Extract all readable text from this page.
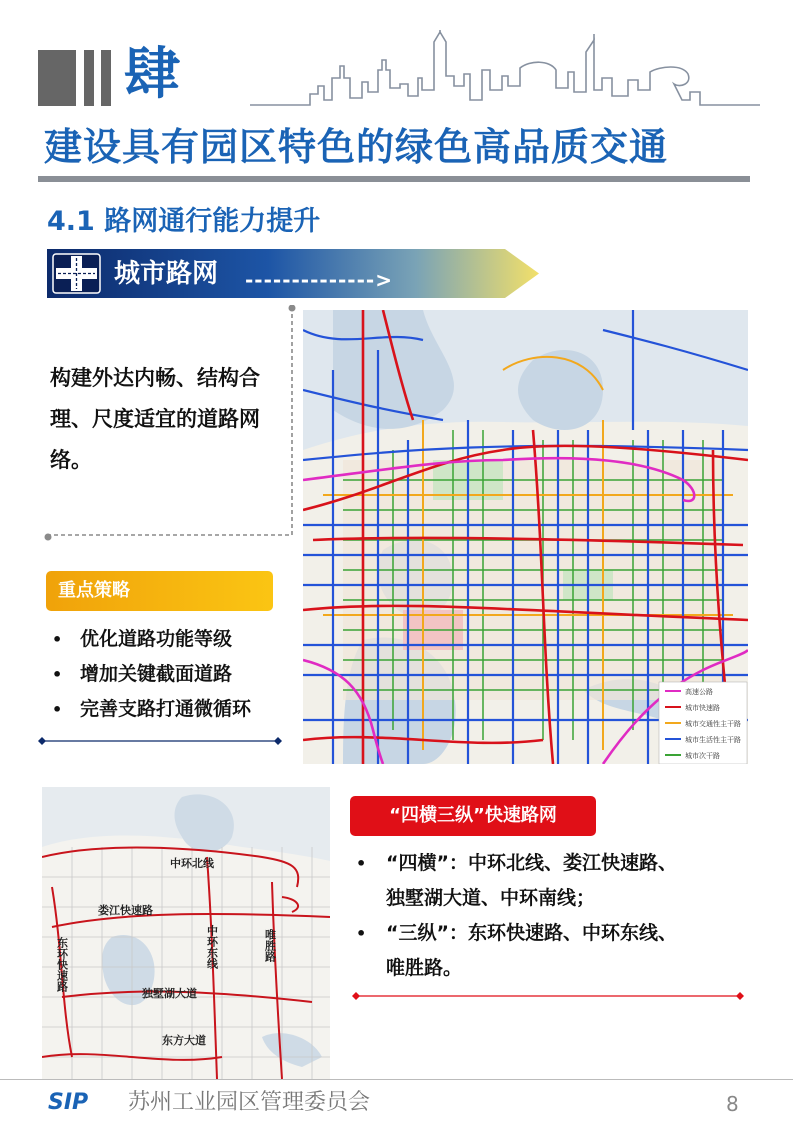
肆
建设具有园区特色的绿色高品质交通
4.1 路网通行能力提升
城市路网 -------------->
构建外达内畅、结构合理、尺度适宜的道路网络。
重点策略
• 优化道路功能等级
• 增加关键截面道路
• 完善支路打通微循环
高速公路
城市快速路
城市交通性主干路
城市生活性主干路
城市次干路
中环北线
娄江快速路
独墅湖大道
东方大道
中环东线	唯胜路
东环快速路
“四横三纵”快速路网
• “四横”：中环北线、娄江快速路、
独墅湖大道、中环南线；
• “三纵”：东环快速路、中环东线、
唯胜路。
SIP 苏州工业园区管理委员会	8
